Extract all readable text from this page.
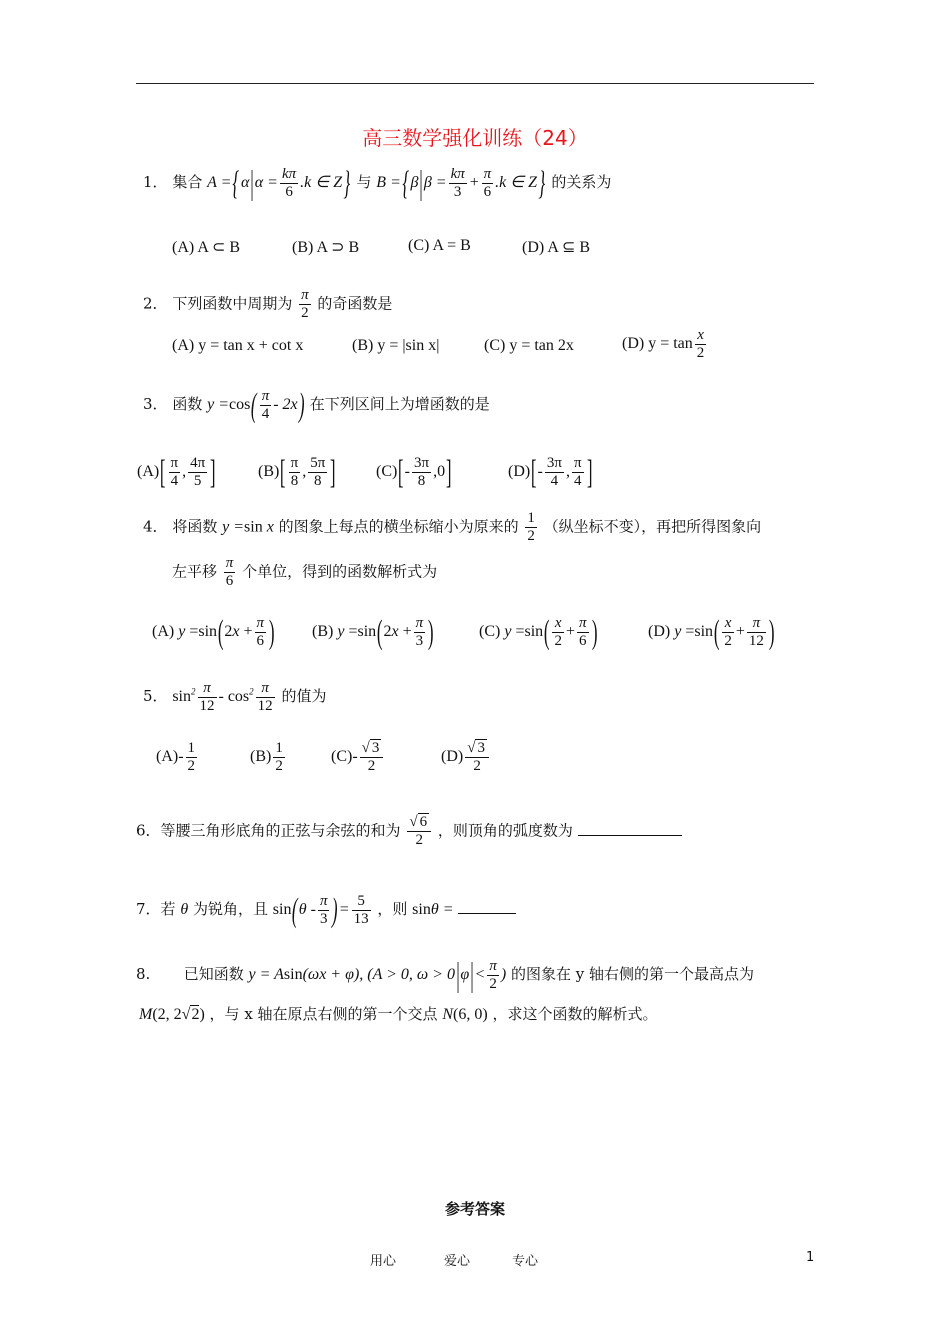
高三数学强化训练（24）
1． 集合 $A =\{\alpha|\alpha = \frac{k\pi}{6} .k$ ∈ Z} 与 $B =\{\beta|\beta = \frac{k\pi}{3} + \frac{\pi}{6} .k$ ∈ Z} 的关系为
(A) A ⊂ B	(B) A ⊃ B	(C) A = B	(D) A ⊆ B
2． 下列函数中周期为 $\frac{\pi}{2}$ 的奇函数是
(A) y = tan x + cot x	(B) y = |sin x|	(C) y = tan 2x	(D) $y = \tan \frac{x}{2}$
3． 函数 $y =\cos( \frac{\pi}{4} - 2x)$ 在下列区间上为增函数的是
$(A)[ \frac{\pi}{4}$ , $\frac{4\pi}{5}$ ]	$(B)[ \frac{\pi}{8}$ , $\frac{5\pi}{8}$ ]	$(C)[- \frac{3\pi}{8} ,0]$	$(D)[- \frac{3\pi}{4}$ , $\frac{\pi}{4}$ ]
4． 将函数 y =sin x 的图象上每点的横坐标缩小为原来的 $\frac{1}{2}$ （纵坐标不变），再把所得图象向
左平移 $\frac{\pi}{6}$ 个单位，得到的函数解析式为
(A) $y =\sin(2x + \frac{\pi}{6}$ ) (B) $y =\sin(2x + \frac{\pi}{3}$ )	(C) $y =\sin( \frac{x}{2} + \frac{\pi}{6}$ )	(D) $y =\sin( \frac{x}{2} + \frac{\pi}{12}$ )
5． $\sin^2 \frac{\pi}{12} - \cos^2 \frac{\pi}{12}$ 的值为
$(A)- \frac{1}{2}$	$(B) \frac{1}{2}$	$(C)- \frac{√ 3}{2}$	$(D) \frac{√ 3}{2}$
6．等腰三角形底角的正弦与余弦的和为 $\frac{√ 6}{2}$ ，则顶角的弧度数为
7．若 θ 为锐角，且 $\sin(\theta - \frac{\pi}{3}$ )= $\frac{5}{13}$ ，则 sinθ =
8. 已知函数 y = Asin(ωx + φ), (A > 0, $\omega > 0|\varphi|< \frac{\pi}{2}$ ) 的图象在 y 轴右侧的第一个最高点为
M(2, 2√2) ，与 x 轴在原点右侧的第一个交点 N(6, 0) ，求这个函数的解析式。
参考答案
用心	爱心	专心	1
